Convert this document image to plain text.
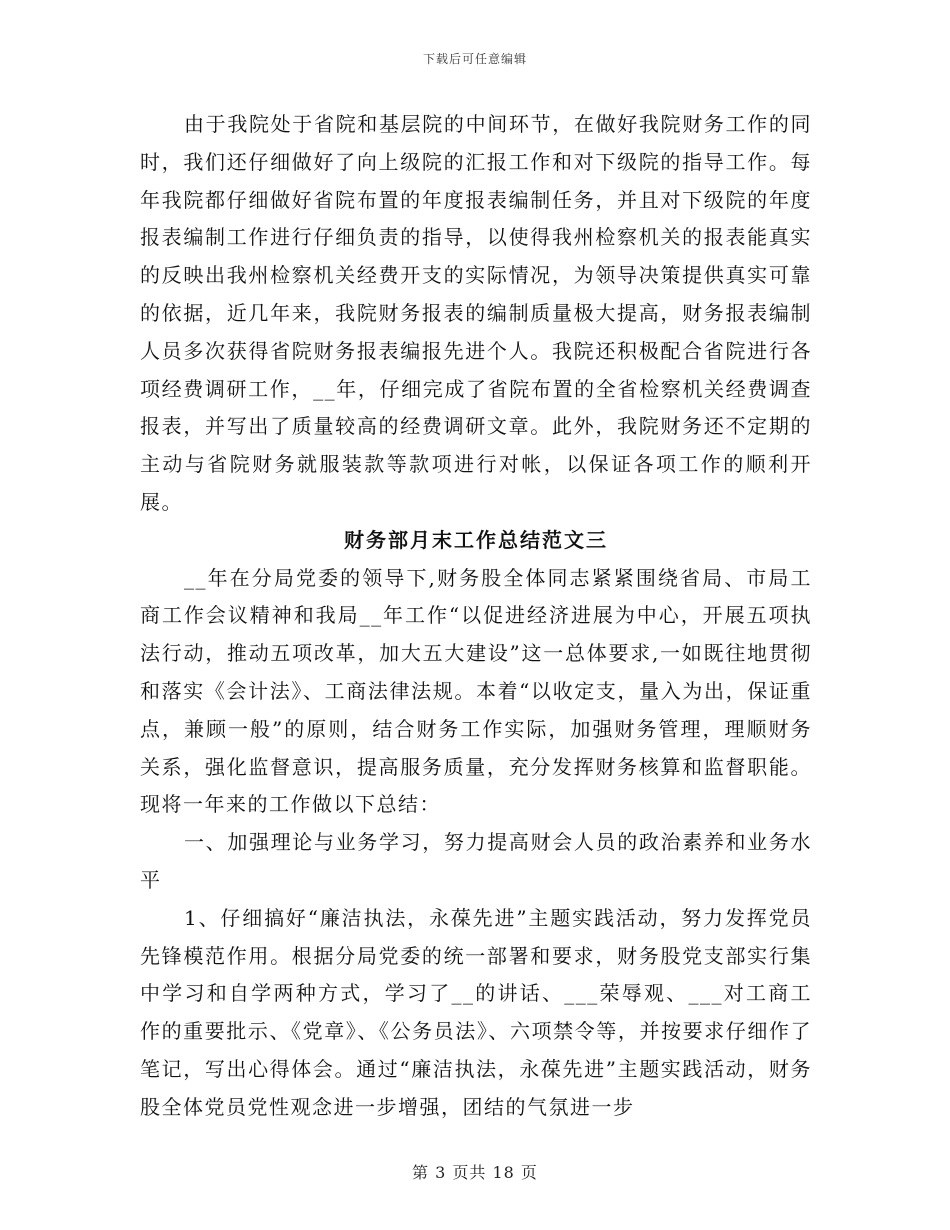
下载后可任意编辑

由于我院处于省院和基层院的中间环节，在做好我院财务工作的同时，我们还仔细做好了向上级院的汇报工作和对下级院的指导工作。每年我院都仔细做好省院布置的年度报表编制任务，并且对下级院的年度报表编制工作进行仔细负责的指导，以使得我州检察机关的报表能真实的反映出我州检察机关经费开支的实际情况，为领导决策提供真实可靠的依据，近几年来，我院财务报表的编制质量极大提高，财务报表编制人员多次获得省院财务报表编报先进个人。我院还积极配合省院进行各项经费调研工作，__年，仔细完成了省院布置的全省检察机关经费调查报表，并写出了质量较高的经费调研文章。此外，我院财务还不定期的主动与省院财务就服装款等款项进行对帐，以保证各项工作的顺利开展。

财务部月末工作总结范文三

__年在分局党委的领导下,财务股全体同志紧紧围绕省局、市局工商工作会议精神和我局__年工作“以促进经济进展为中心，开展五项执法行动，推动五项改革，加大五大建设”这一总体要求,一如既往地贯彻和落实《会计法》、工商法律法规。本着“以收定支，量入为出，保证重点，兼顾一般”的原则，结合财务工作实际，加强财务管理，理顺财务关系，强化监督意识，提高服务质量，充分发挥财务核算和监督职能。现将一年来的工作做以下总结：

一、加强理论与业务学习，努力提高财会人员的政治素养和业务水平

1、仔细搞好“廉洁执法，永葆先进”主题实践活动，努力发挥党员先锋模范作用。根据分局党委的统一部署和要求，财务股党支部实行集中学习和自学两种方式，学习了__的讲话、___荣辱观、___对工商工作的重要批示、《党章》、《公务员法》、六项禁令等，并按要求仔细作了笔记，写出心得体会。通过“廉洁执法，永葆先进”主题实践活动，财务股全体党员党性观念进一步增强，团结的气氛进一步

第 3 页共 18 页
